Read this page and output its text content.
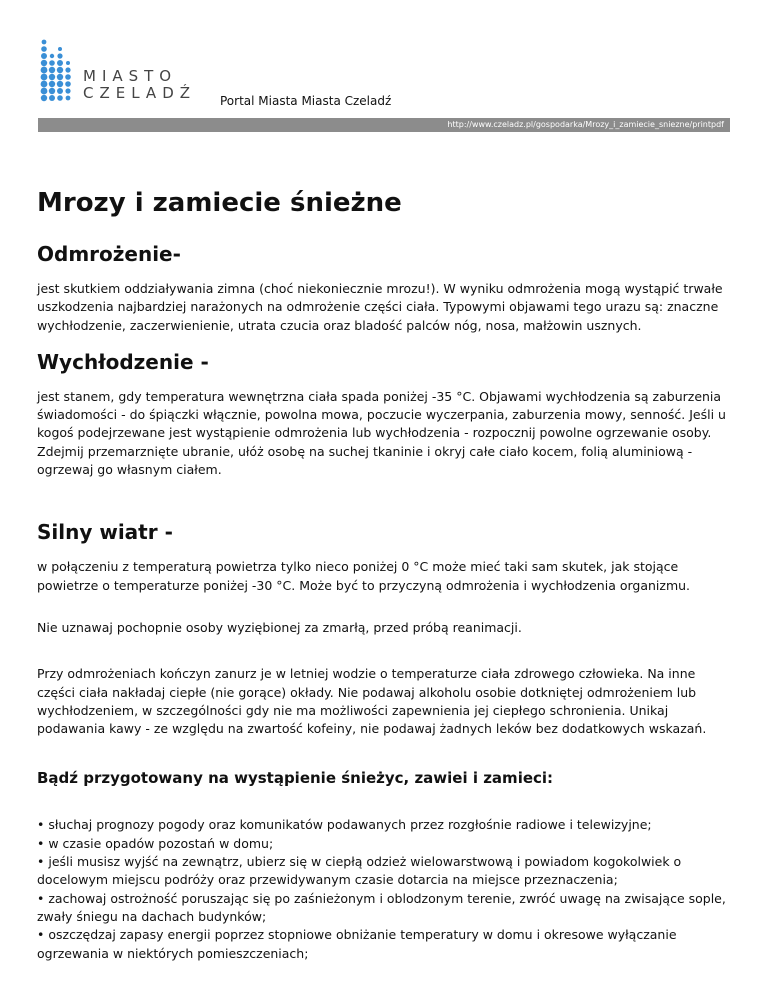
MIASTO
CZELADŹ Portal Miasta Miasta Czeladź
http://www.czeladz.pl/gospodarka/Mrozy_i_zamiecie_sniezne/printpdf
Mrozy i zamiecie śnieżne
Odmrożenie-

jest skutkiem oddziaływania zimna (choć niekoniecznie mrozu!). W wyniku odmrożenia mogą wystąpić trwałe uszkodzenia najbardziej narażonych na odmrożenie części ciała. Typowymi objawami tego urazu są: znaczne wychłodzenie, zaczerwienienie, utrata czucia oraz bladość palców nóg, nosa, małżowin usznych.

Wychłodzenie -

jest stanem, gdy temperatura wewnętrzna ciała spada poniżej -35 °C. Objawami wychłodzenia są zaburzenia świadomości - do śpiączki włącznie, powolna mowa, poczucie wyczerpania, zaburzenia mowy, senność. Jeśli u kogoś podejrzewane jest wystąpienie odmrożenia lub wychłodzenia - rozpocznij powolne ogrzewanie osoby. Zdejmij przemarznięte ubranie, ułóż osobę na suchej tkaninie i okryj całe ciało kocem, folią aluminiową - ogrzewaj go własnym ciałem.

Silny wiatr -

w połączeniu z temperaturą powietrza tylko nieco poniżej 0 °C może mieć taki sam skutek, jak stojące powietrze o temperaturze poniżej -30 °C. Może być to przyczyną odmrożenia i wychłodzenia organizmu.

Nie uznawaj pochopnie osoby wyziębionej za zmarłą, przed próbą reanimacji.

Przy odmrożeniach kończyn zanurz je w letniej wodzie o temperaturze ciała zdrowego człowieka. Na inne części ciała nakładaj ciepłe (nie gorące) okłady. Nie podawaj alkoholu osobie dotkniętej odmrożeniem lub wychłodzeniem, w szczególności gdy nie ma możliwości zapewnienia jej ciepłego schronienia. Unikaj podawania kawy - ze względu na zwartość kofeiny, nie podawaj żadnych leków bez dodatkowych wskazań.

Bądź przygotowany na wystąpienie śnieżyc, zawiei i zamieci:

• słuchaj prognozy pogody oraz komunikatów podawanych przez rozgłośnie radiowe i telewizyjne;

• w czasie opadów pozostań w domu;

• jeśli musisz wyjść na zewnątrz, ubierz się w ciepłą odzież wielowarstwową i powiadom kogokolwiek o docelowym miejscu podróży oraz przewidywanym czasie dotarcia na miejsce przeznaczenia;

• zachowaj ostrożność poruszając się po zaśnieżonym i oblodzonym terenie, zwróć uwagę na zwisające sople, zwały śniegu na dachach budynków;

• oszczędzaj zapasy energii poprzez stopniowe obniżanie temperatury w domu i okresowe wyłączanie ogrzewania w niektórych pomieszczeniach;
